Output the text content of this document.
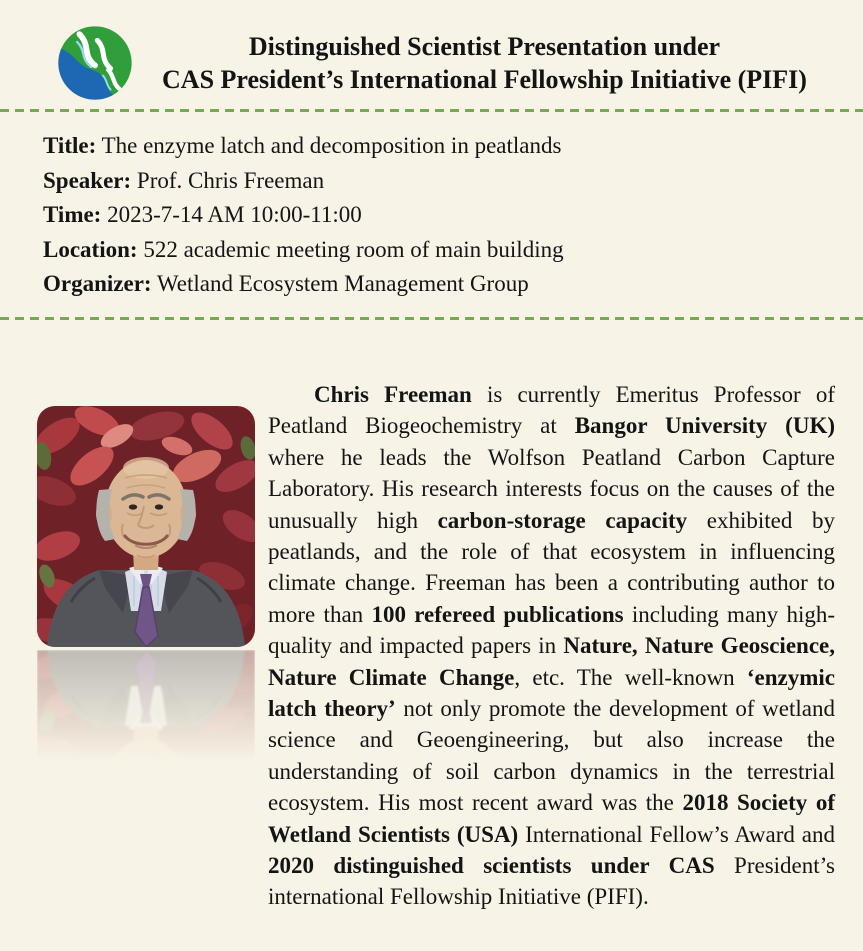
Distinguished Scientist Presentation under
CAS President’s International Fellowship Initiative (PIFI)
Title: The enzyme latch and decomposition in peatlands
Speaker: Prof. Chris Freeman
Time: 2023-7-14 AM 10:00-11:00
Location: 522 academic meeting room of main building
Organizer: Wetland Ecosystem Management Group

Chris Freeman is currently Emeritus Professor of Peatland Biogeochemistry at Bangor University (UK) where he leads the Wolfson Peatland Carbon Capture Laboratory. His research interests focus on the causes of the unusually high carbon-storage capacity exhibited by peatlands, and the role of that ecosystem in influencing climate change. Freeman has been a contributing author to more than 100 refereed publications including many high-quality and impacted papers in Nature, Nature Geoscience, Nature Climate Change, etc. The well-known ‘enzymic latch theory’ not only promote the development of wetland science and Geoengineering, but also increase the understanding of soil carbon dynamics in the terrestrial ecosystem. His most recent award was the 2018 Society of Wetland Scientists (USA) International Fellow’s Award and 2020 distinguished scientists under CAS President’s international Fellowship Initiative (PIFI).
